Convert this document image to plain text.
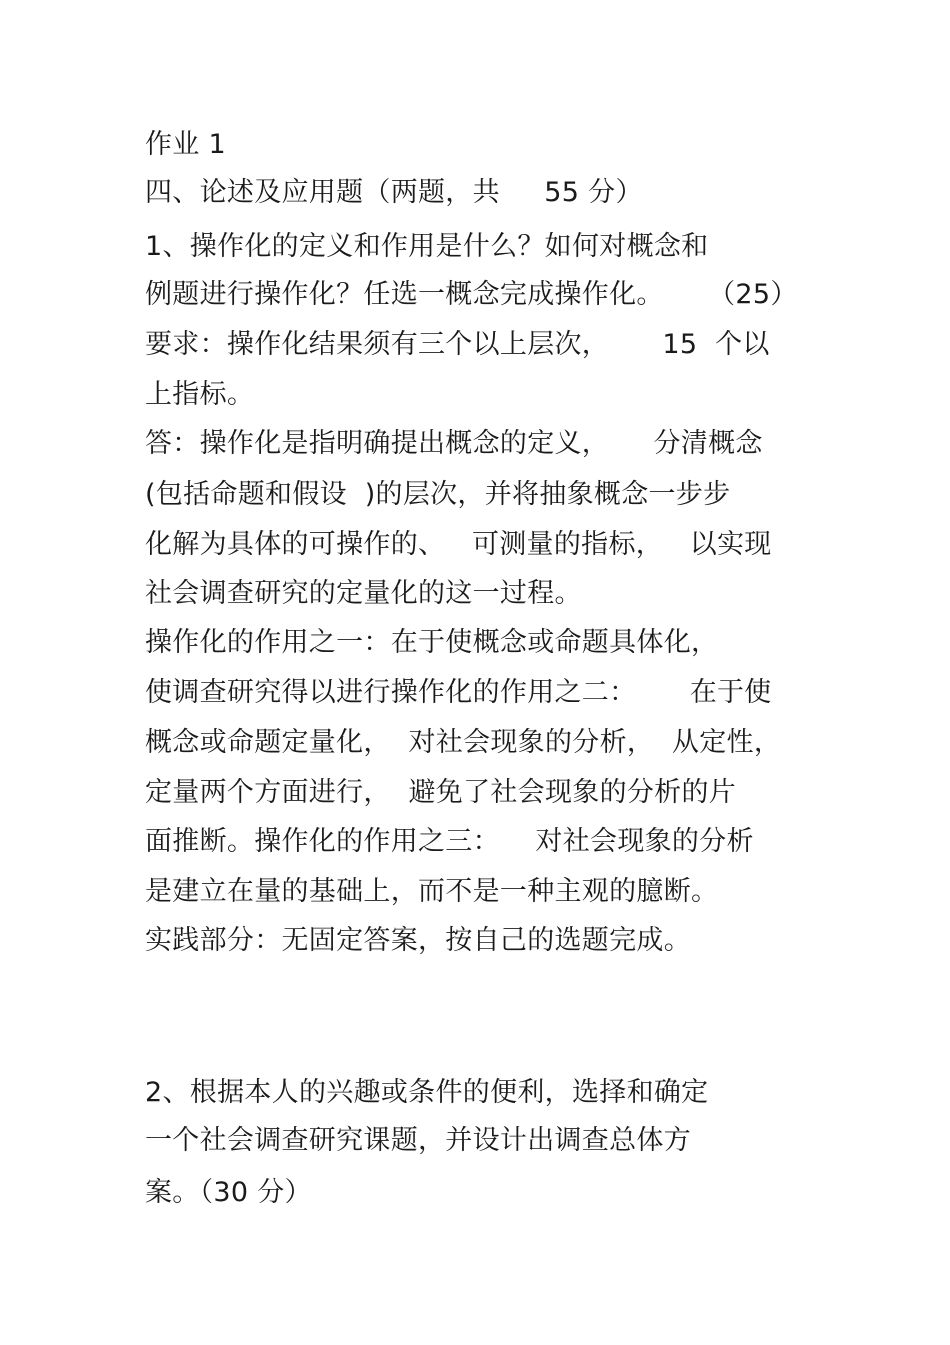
作业 1
四、论述及应用题（两题，共     55 分）
1、操作化的定义和作用是什么？如何对概念和
例题进行操作化？任选一概念完成操作化。     （25）
要求：操作化结果须有三个以上层次，      15  个以
上指标。
答：操作化是指明确提出概念的定义，     分清概念
(包括命题和假设  )的层次，并将抽象概念一步步
化解为具体的可操作的、   可测量的指标，   以实现
社会调查研究的定量化的这一过程。
操作化的作用之一：在于使概念或命题具体化，
使调查研究得以进行操作化的作用之二：      在于使
概念或命题定量化，  对社会现象的分析，  从定性，
定量两个方面进行，  避免了社会现象的分析的片
面推断。操作化的作用之三：    对社会现象的分析
是建立在量的基础上，而不是一种主观的臆断。
实践部分：无固定答案，按自己的选题完成。
2、根据本人的兴趣或条件的便利，选择和确定
一个社会调查研究课题，并设计出调查总体方
案。（30 分）
